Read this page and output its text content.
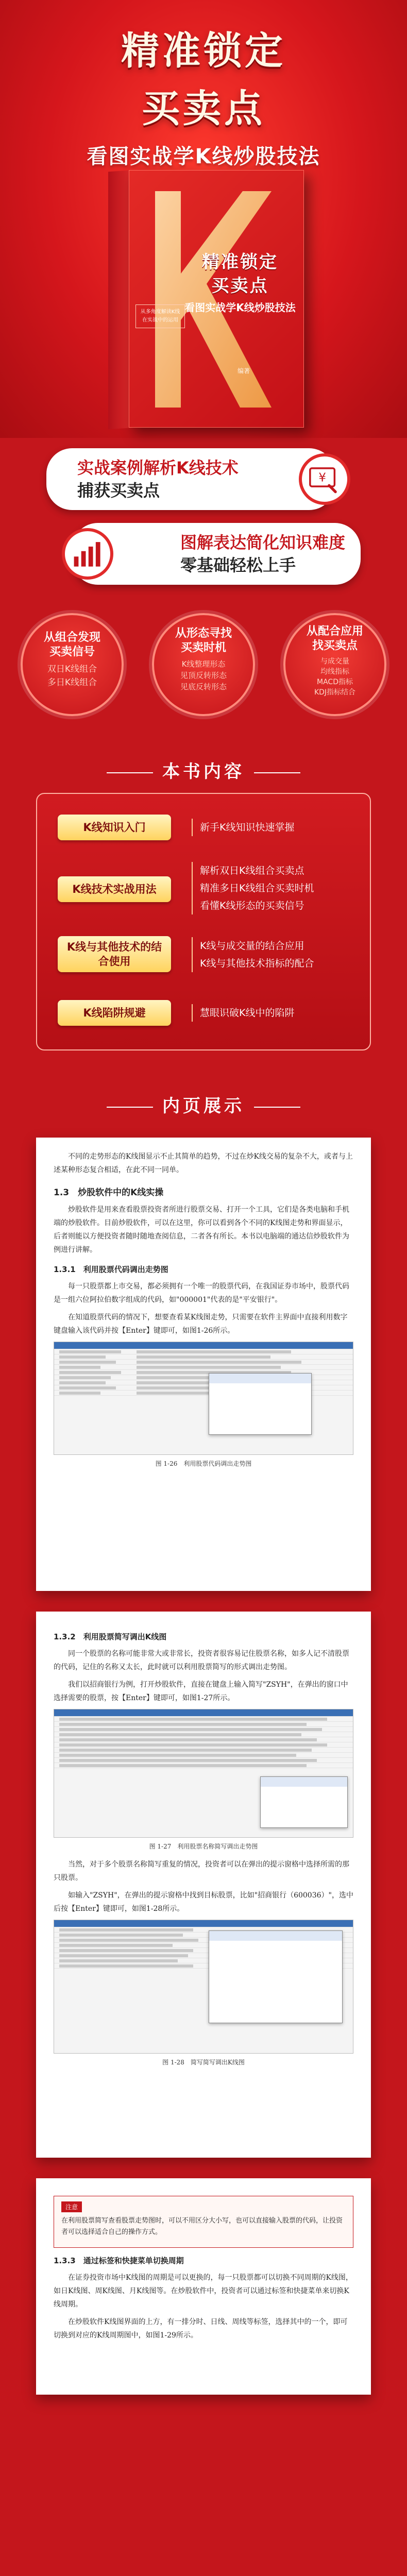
精准锁定
买卖点
看图实战学K线炒股技法
精准锁定
买卖点
看图实战学K线炒股技法
从多角度解读K线在实战中的运用
编著
实战案例解析K线技术
捕获买卖点
¥
图解表达简化知识难度
零基础轻松上手
从组合发现买卖信号
双日K线组合
多日K线组合
从形态寻找买卖时机
K线整理形态
见顶反转形态
见底反转形态
从配合应用找买卖点
与成交量
均线指标
MACD指标
KDJ指标结合
本书内容
K线知识入门	新手K线知识快速掌握
K线技术实战用法
解析双日K线组合买卖点
精准多日K线组合买卖时机
看懂K线形态的买卖信号
K线与其他技术的结合使用
K线与成交量的结合应用
K线与其他技术指标的配合
K线陷阱规避	慧眼识破K线中的陷阱
内页展示

不同的走势形态的K线图显示不止其简单的趋势，不过在炒K线交易的复杂不大，或者与上述某种形态复合相适，在此不同一同单。

1.3　炒股软件中的K线实操

炒股软件是用来查看股票投资者所进行股票交易、打开一个工具，它们是各类电脑和手机端的炒股软件。目前炒股软件，可以在这里，你可以看到各个不同的K线图走势和界面显示，后者则能以方便投资者随时随地查阅信息，二者各有所长。本书以电脑端的通达信炒股软件为例进行讲解。

1.3.1　利用股票代码调出走势图

每一只股票都上市交易，都必须拥有一个唯一的股票代码，在我国证券市场中，股票代码是一组六位阿拉伯数字组成的代码，如"000001"代表的是"平安银行"。

在知道股票代码的情况下，想要查看某K线图走势，只需要在软件主界面中直接利用数字键盘输入该代码并按【Enter】键即可，如图1-26所示。

图 1-26　利用股票代码调出走势图
1.3.2　利用股票简写调出K线图

同一个股票的名称可能非常大或非常长，投资者很容易记住股票名称，如多人记不清股票的代码，记住的名称又太长，此时就可以利用股票简写的形式调出走势图。

我们以招商银行为例，打开炒股软件，直接在键盘上输入简写"ZSYH"，在弹出的窗口中选择需要的股票，按【Enter】键即可，如图1-27所示。

图 1-27　利用股票名称简写调出走势图

当然，对于多个股票名称简写重复的情况，投资者可以在弹出的提示窗格中选择所需的那只股票。

如输入"ZSYH"，在弹出的提示窗格中找到目标股票，比如"招商银行（600036）"，选中后按【Enter】键即可，如图1-28所示。

图 1-28　简写简写调出K线图
注意

在利用股票简写查看股票走势图时，可以不用区分大小写，也可以直接输入股票的代码，让投资者可以选择适合自己的操作方式。

1.3.3　通过标签和快捷菜单切换周期

在证券投资市场中K线图的周期是可以更换的，每一只股票都可以切换不同周期的K线图，如日K线图、周K线图、月K线图等。在炒股软件中，投资者可以通过标签和快捷菜单来切换K线周期。

在炒股软件K线图界面的上方，有一排分时、日线、周线等标签，选择其中的一个，即可切换到对应的K线周期图中，如图1-29所示。
